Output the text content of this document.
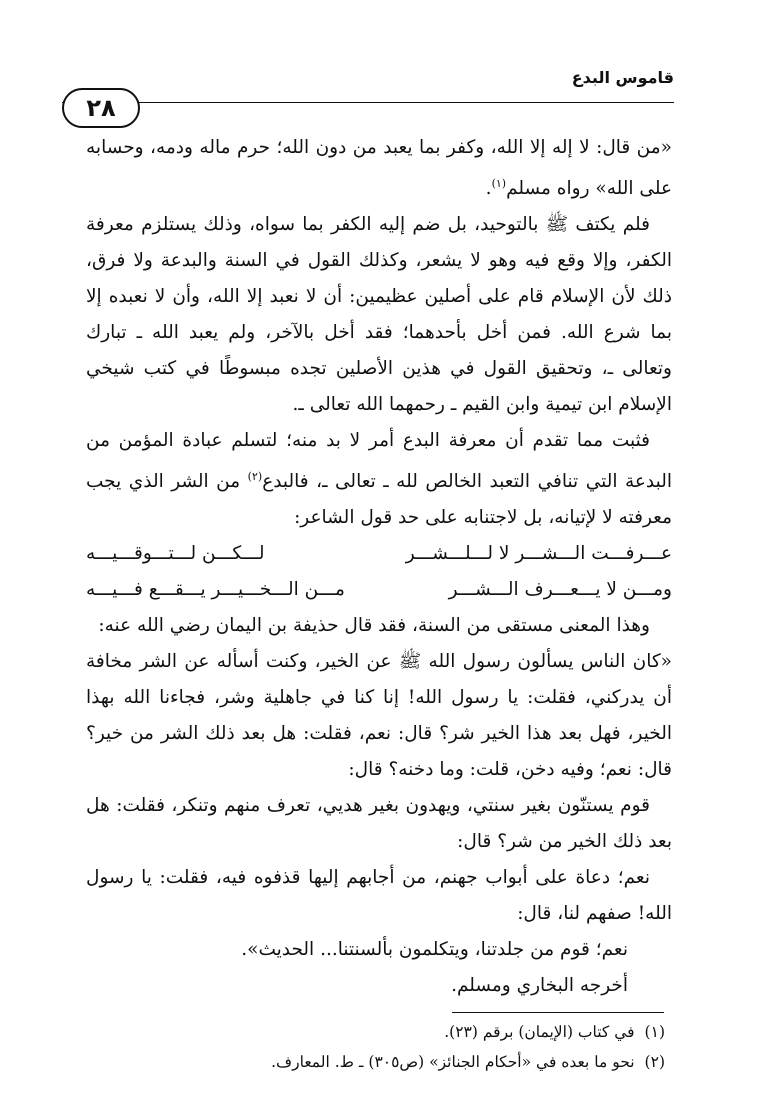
قاموس البدع
٢٨

«من قال: لا إله إلا الله، وكفر بما يعبد من دون الله؛ حرم ماله ودمه، وحسابه على الله» رواه مسلم$^{(١)}$.

فلم يكتف ﷺ بالتوحيد، بل ضم إليه الكفر بما سواه، وذلك يستلزم معرفة الكفر، وإلا وقع فيه وهو لا يشعر، وكذلك القول في السنة والبدعة ولا فرق، ذلك لأن الإسلام قام على أصلين عظيمين: أن لا نعبد إلا الله، وأن لا نعبده إلا بما شرع الله. فمن أخل بأحدهما؛ فقد أخل بالآخر، ولم يعبد الله ـ تبارك وتعالى ـ، وتحقيق القول في هذين الأصلين تجده مبسوطًا في كتب شيخي الإسلام ابن تيمية وابن القيم ـ رحمهما الله تعالى ـ.

فثبت مما تقدم أن معرفة البدع أمر لا بد منه؛ لتسلم عبادة المؤمن من البدعة التي تنافي التعبد الخالص لله ـ تعالى ـ، فالبدع$^{(٢)}$ من الشر الذي يجب معرفته لا لإتيانه، بل لاجتنابه على حد قول الشاعر:

عـــرفـــت الـــشـــر لا لـــلـــشـــر
لـــكـــن لـــتـــوقـــيـــه
ومـــن لا يـــعـــرف الـــشـــر
مـــن الـــخـــيـــر يـــقـــع فـــيـــه

وهذا المعنى مستقى من السنة، فقد قال حذيفة بن اليمان رضي الله عنه:

«كان الناس يسألون رسول الله ﷺ عن الخير، وكنت أسأله عن الشر مخافة أن يدركني، فقلت: يا رسول الله! إنا كنا في جاهلية وشر، فجاءنا الله بهذا الخير، فهل بعد هذا الخير شر؟ قال: نعم، فقلت: هل بعد ذلك الشر من خير؟ قال: نعم؛ وفيه دخن، قلت: وما دخنه؟ قال:

قوم يستنّون بغير سنتي، ويهدون بغير هديي، تعرف منهم وتنكر، فقلت: هل بعد ذلك الخير من شر؟ قال:

نعم؛ دعاة على أبواب جهنم، من أجابهم إليها قذفوه فيه، فقلت: يا رسول الله! صفهم لنا، قال:

نعم؛ قوم من جلدتنا، ويتكلمون بألسنتنا... الحديث».

أخرجه البخاري ومسلم.

(١)في كتاب (الإيمان) برقم (٢٣).
(٢)نحو ما بعده في «أحكام الجنائز» (ص٣٠٥) ـ ط. المعارف.
